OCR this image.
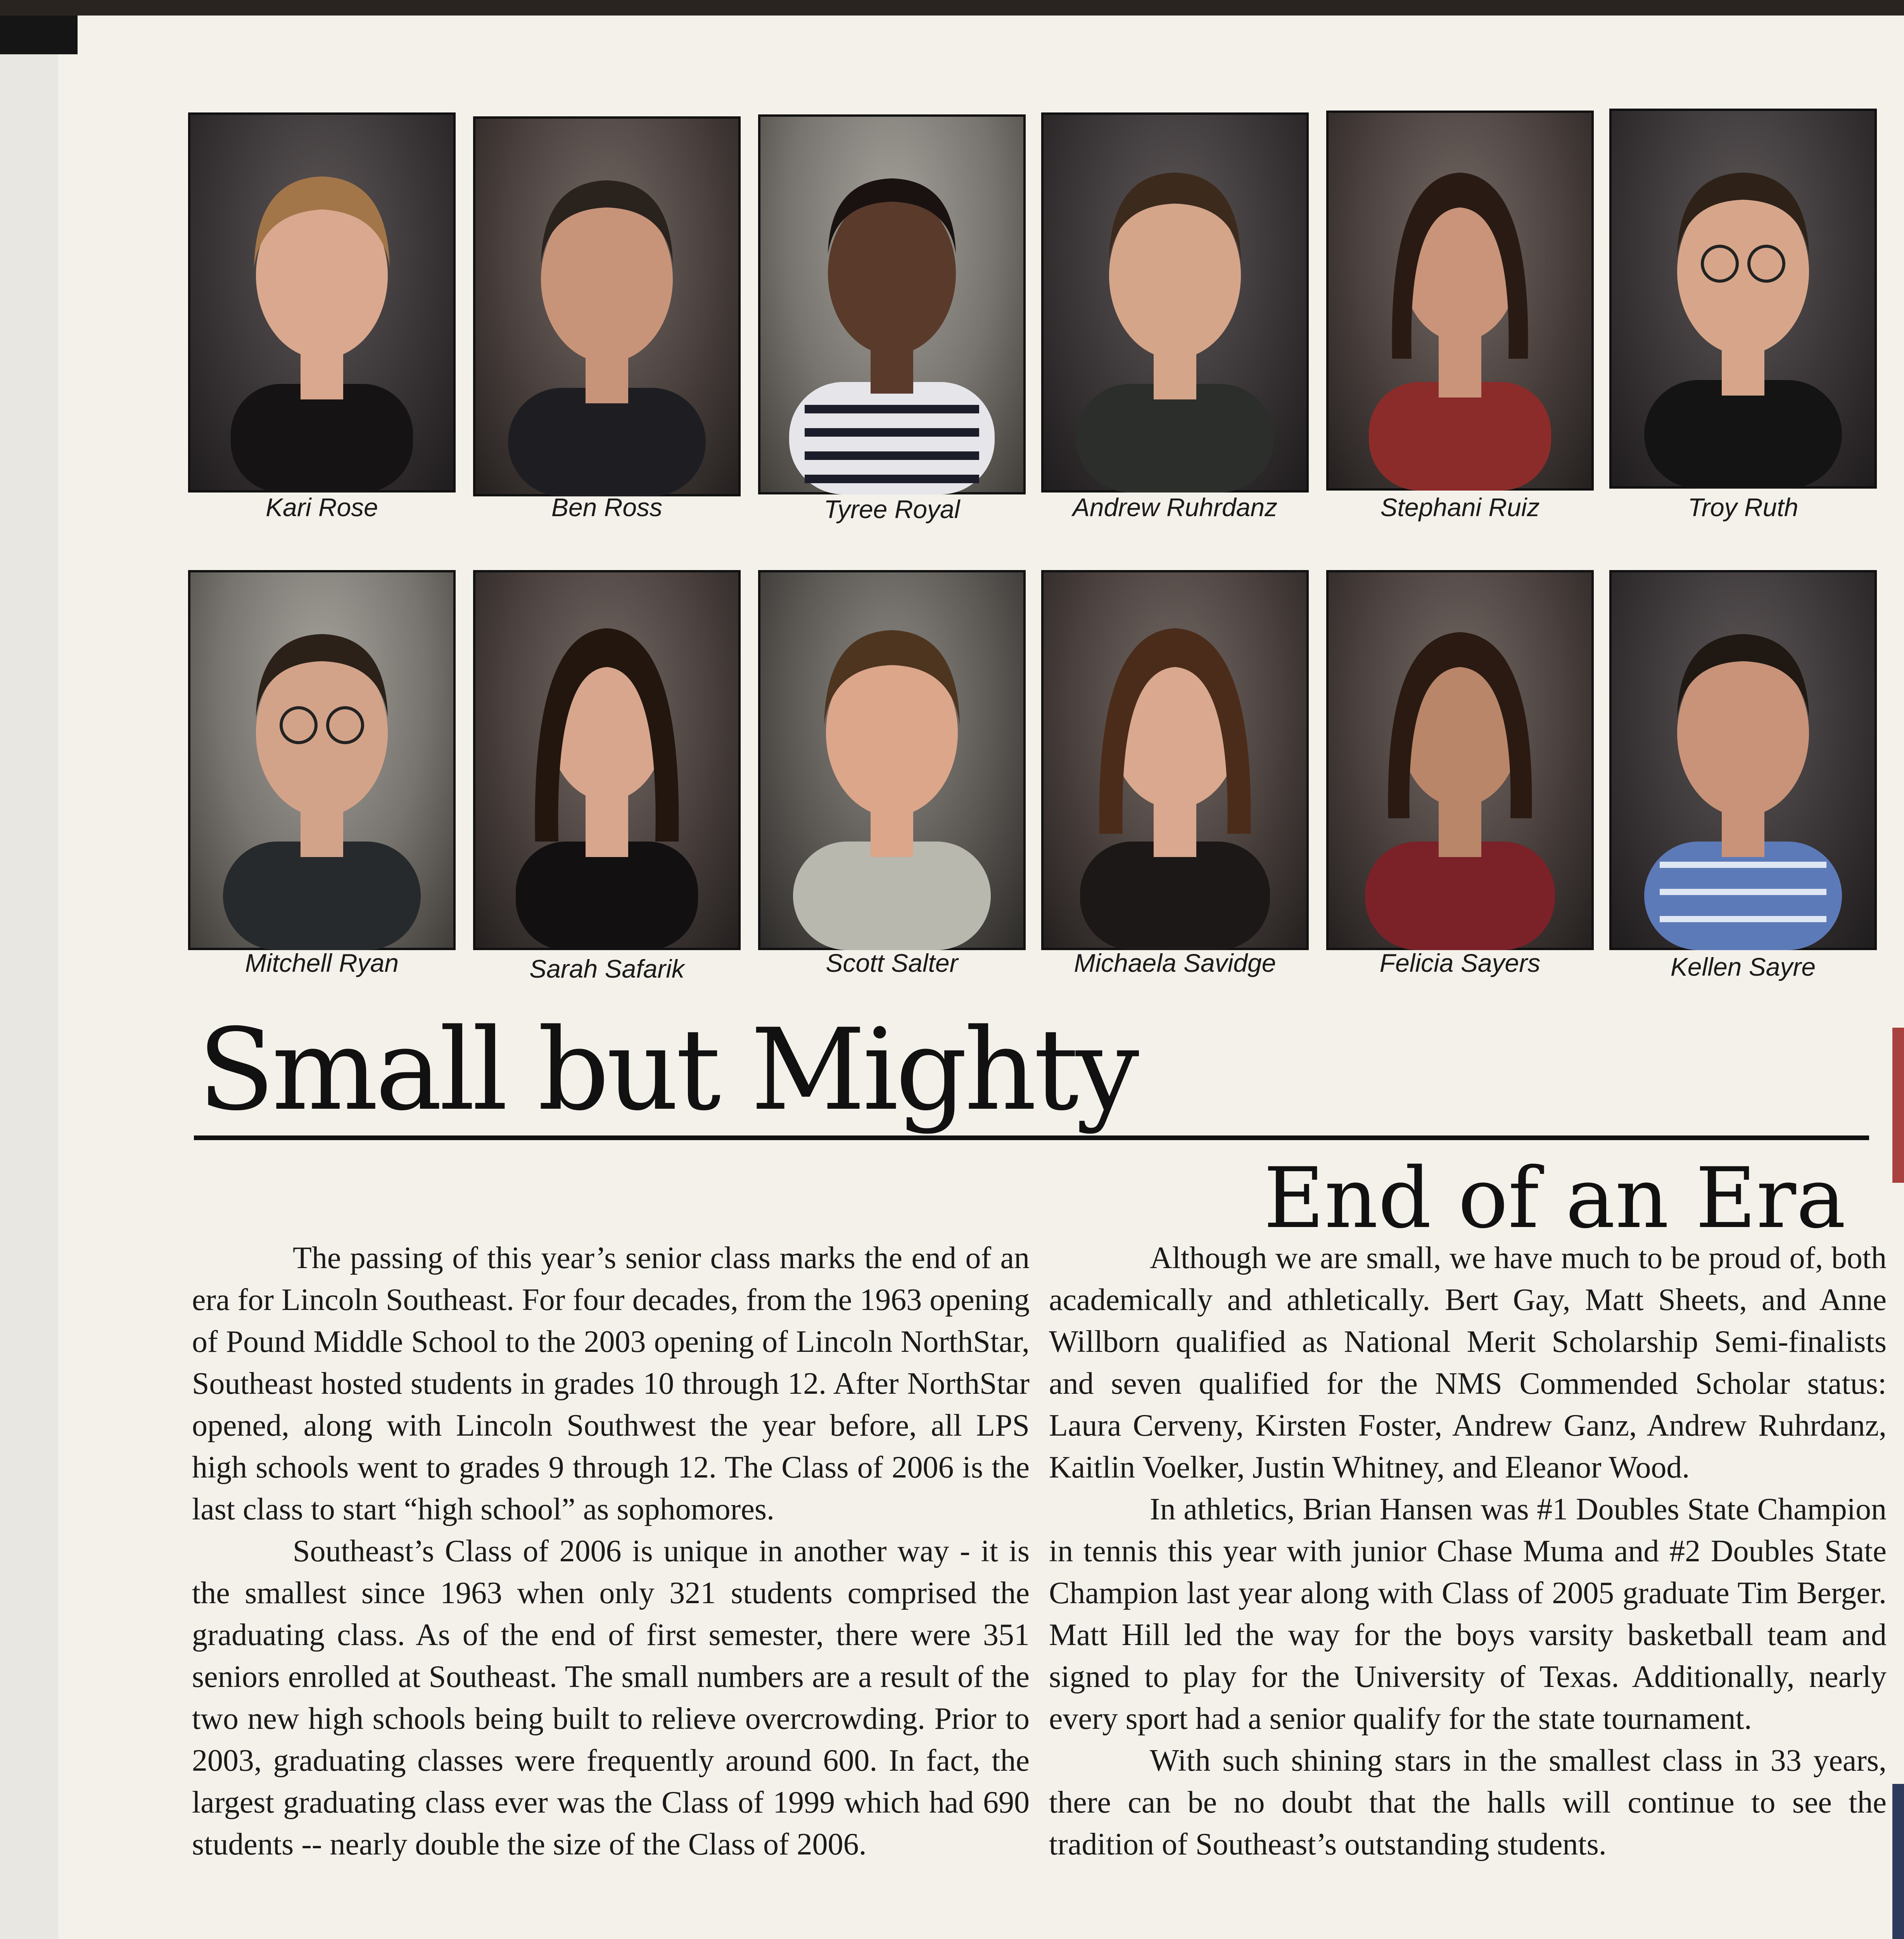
Kari Rose	Ben Ross	Tyree Royal	Andrew Ruhrdanz	Stephani Ruiz	Troy Ruth
Mitchell Ryan	Sarah Safarik	Scott Salter	Michaela Savidge	Felicia Sayers	Kellen Sayre
Small but Mighty
End of an Era

The passing of this year’s senior class marks the end of an era for Lincoln Southeast. For four decades, from the 1963 opening of Pound Middle School to the 2003 opening of Lincoln NorthStar, Southeast hosted students in grades 10 through 12. After NorthStar opened, along with Lincoln Southwest the year before, all LPS high schools went to grades 9 through 12. The Class of 2006 is the last class to start “high school” as sophomores.

Southeast’s Class of 2006 is unique in another way - it is the smallest since 1963 when only 321 students comprised the graduating class. As of the end of first semester, there were 351 seniors enrolled at Southeast. The small numbers are a result of the two new high schools being built to relieve overcrowding. Prior to 2003, graduating classes were frequently around 600. In fact, the largest graduating class ever was the Class of 1999 which had 690 students -- nearly double the size of the Class of 2006.

Although we are small, we have much to be proud of, both academically and athletically. Bert Gay, Matt Sheets, and Anne Willborn qualified as National Merit Scholarship Semi-finalists and seven qualified for the NMS Commended Scholar status: Laura Cerveny, Kirsten Foster, Andrew Ganz, Andrew Ruhrdanz, Kaitlin Voelker, Justin Whitney, and Eleanor Wood.

In athletics, Brian Hansen was #1 Doubles State Champion in tennis this year with junior Chase Muma and #2 Doubles State Champion last year along with Class of 2005 graduate Tim Berger. Matt Hill led the way for the boys varsity basketball team and signed to play for the University of Texas. Additionally, nearly every sport had a senior qualify for the state tournament.

With such shining stars in the smallest class in 33 years, there can be no doubt that the halls will continue to see the tradition of Southeast’s outstanding students.
